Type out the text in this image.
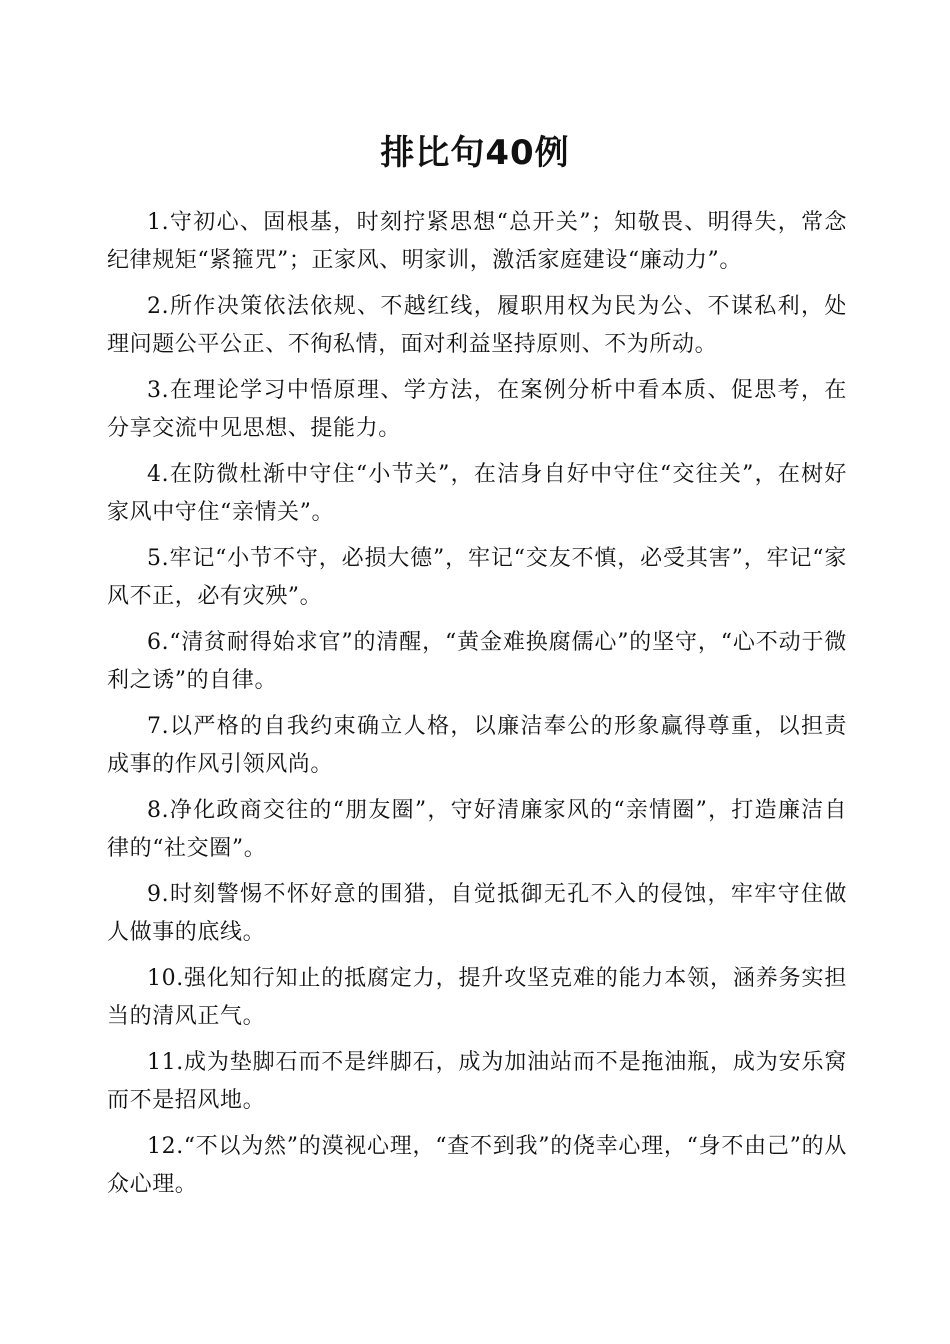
排比句40例

1.守初心、固根基，时刻拧紧思想“总开关”；知敬畏、明得失，常念纪律规矩“紧箍咒”；正家风、明家训，激活家庭建设“廉动力”。

2.所作决策依法依规、不越红线，履职用权为民为公、不谋私利，处理问题公平公正、不徇私情，面对利益坚持原则、不为所动。

3.在理论学习中悟原理、学方法，在案例分析中看本质、促思考，在分享交流中见思想、提能力。

4.在防微杜渐中守住“小节关”，在洁身自好中守住“交往关”，在树好家风中守住“亲情关”。

5.牢记“小节不守，必损大德”，牢记“交友不慎，必受其害”，牢记“家风不正，必有灾殃”。

6.“清贫耐得始求官”的清醒，“黄金难换腐儒心”的坚守，“心不动于微利之诱”的自律。

7.以严格的自我约束确立人格，以廉洁奉公的形象赢得尊重，以担责成事的作风引领风尚。

8.净化政商交往的“朋友圈”，守好清廉家风的“亲情圈”，打造廉洁自律的“社交圈”。

9.时刻警惕不怀好意的围猎，自觉抵御无孔不入的侵蚀，牢牢守住做人做事的底线。

10.强化知行知止的抵腐定力，提升攻坚克难的能力本领，涵养务实担当的清风正气。

11.成为垫脚石而不是绊脚石，成为加油站而不是拖油瓶，成为安乐窝而不是招风地。

12.“不以为然”的漠视心理，“查不到我”的侥幸心理，“身不由己”的从众心理。
